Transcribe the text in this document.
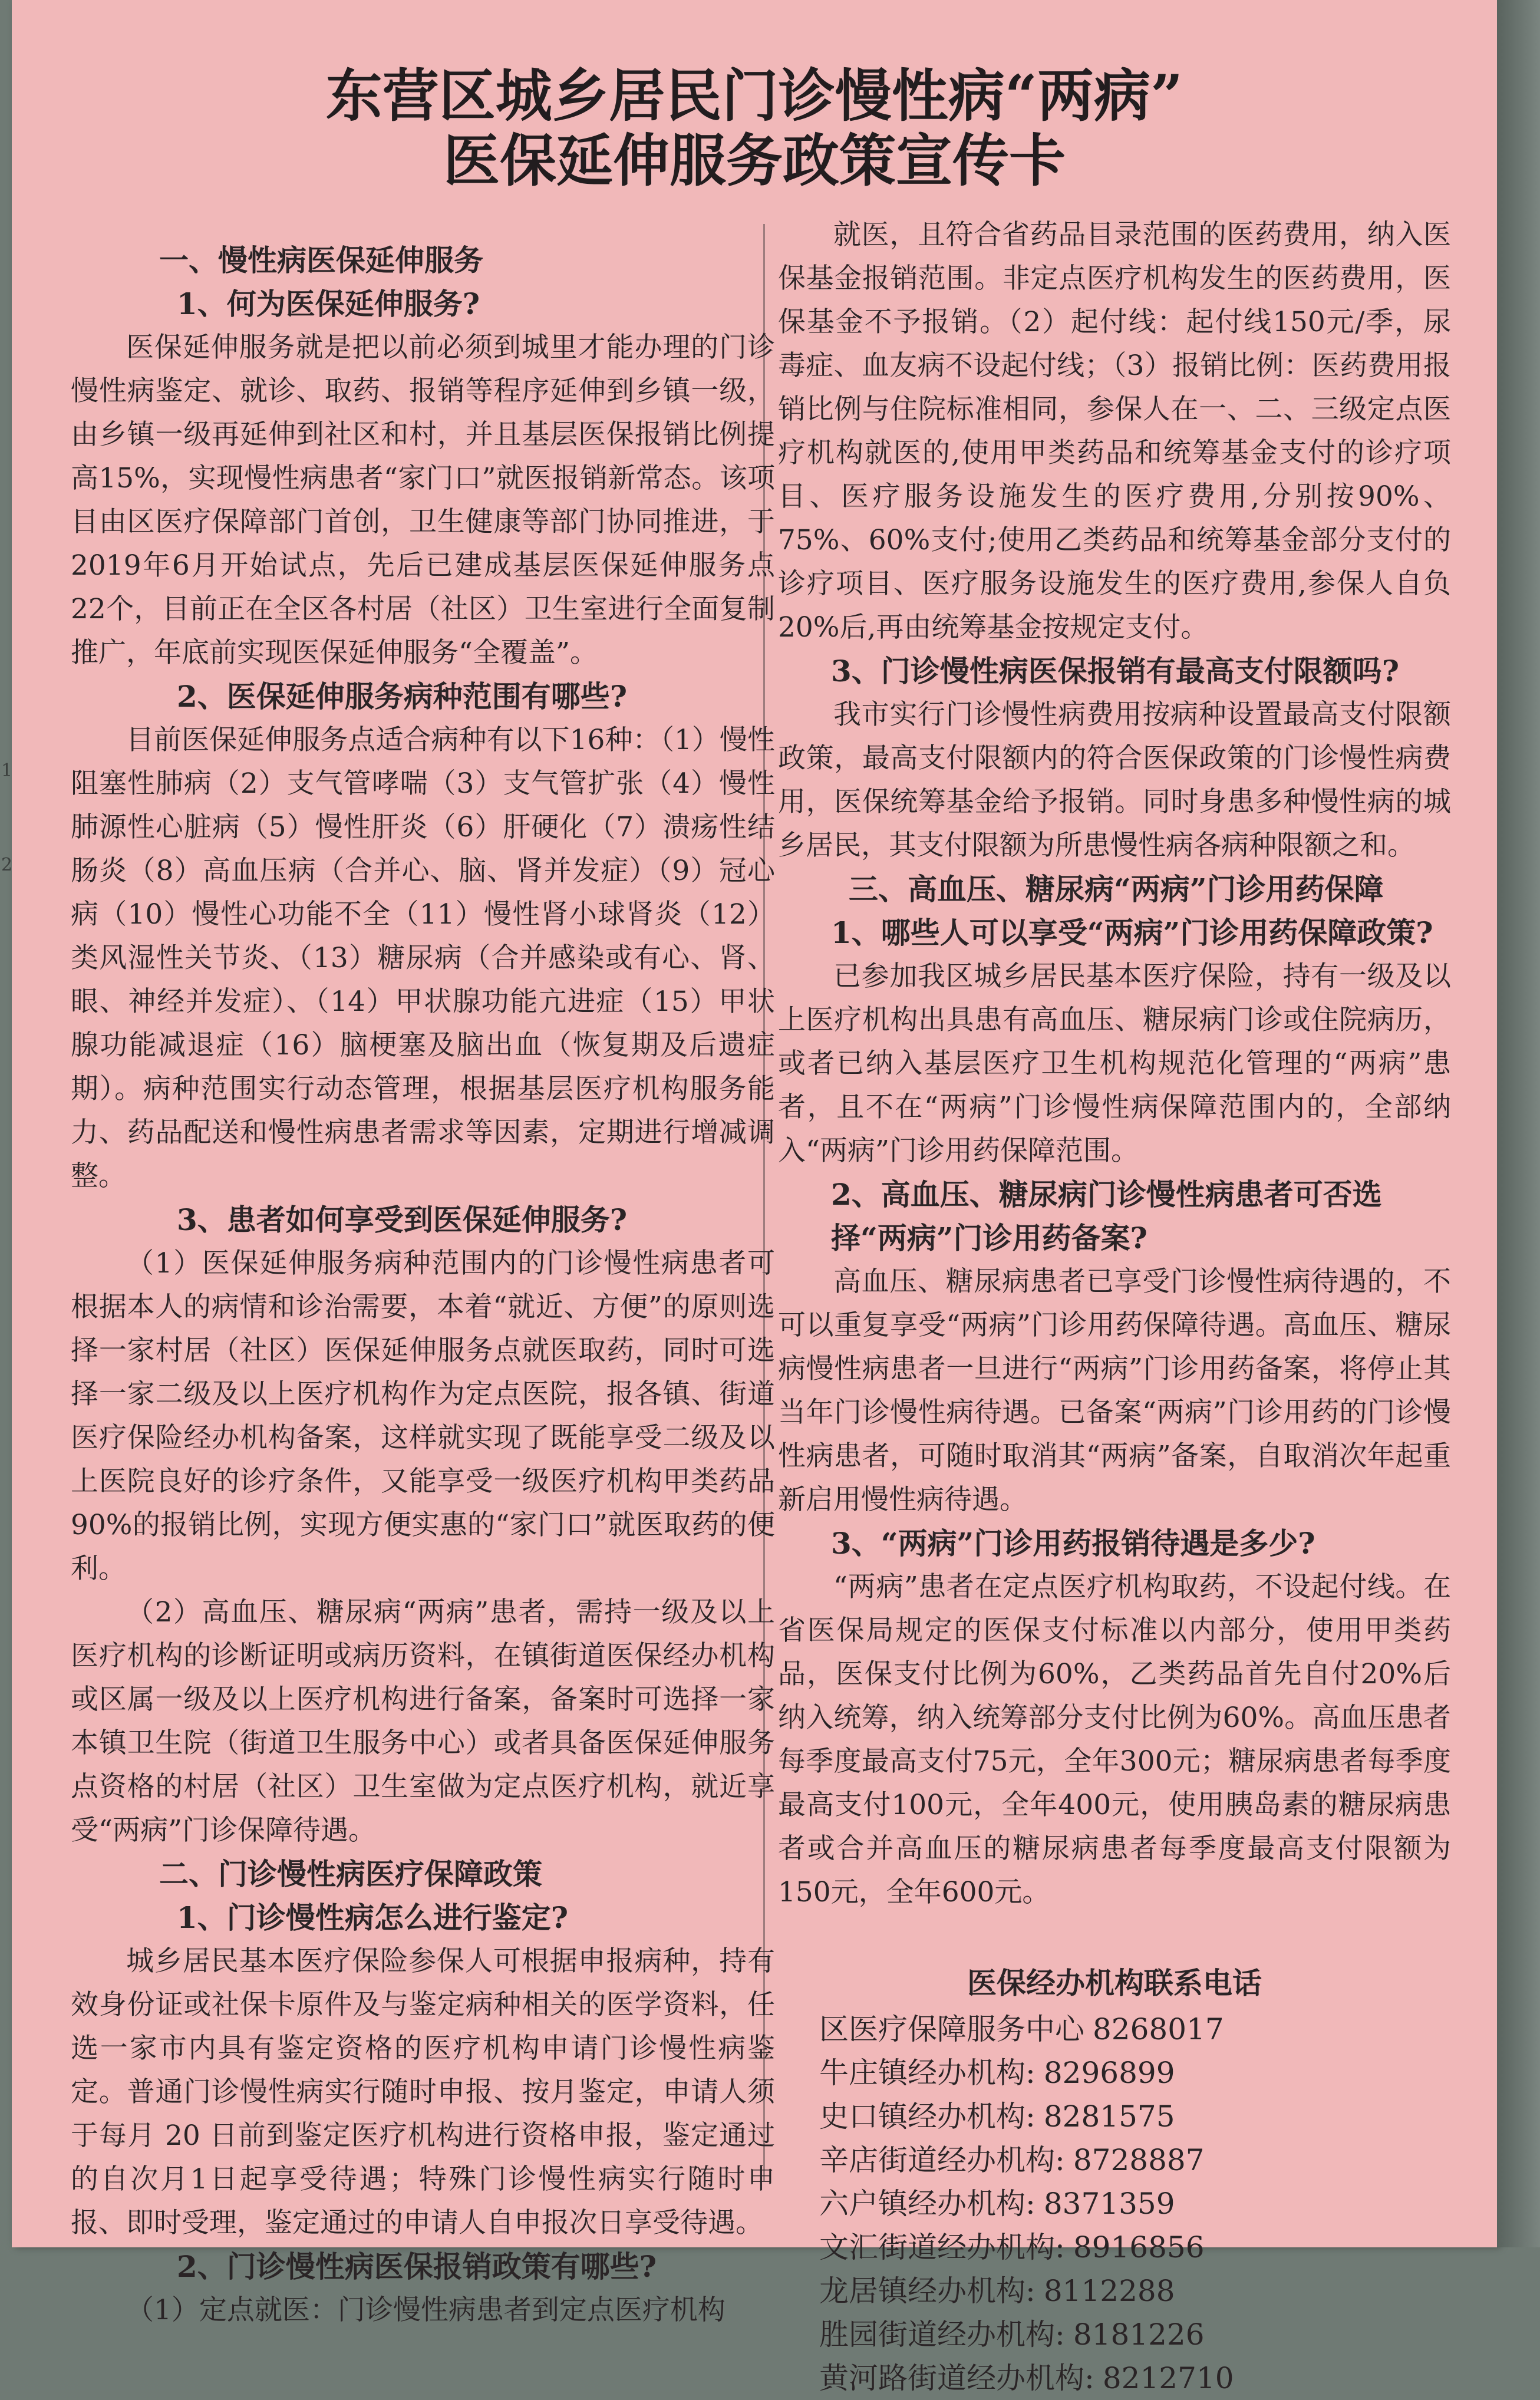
东营区城乡居民门诊慢性病“两病”
医保延伸服务政策宣传卡
一、慢性病医保延伸服务
1、何为医保延伸服务?

医保延伸服务就是把以前必须到城里才能办理的门诊慢性病鉴定、就诊、取药、报销等程序延伸到乡镇一级，由乡镇一级再延伸到社区和村，并且基层医保报销比例提高15%，实现慢性病患者“家门口”就医报销新常态。该项目由区医疗保障部门首创，卫生健康等部门协同推进，于2019年6月开始试点，先后已建成基层医保延伸服务点22个，目前正在全区各村居（社区）卫生室进行全面复制推广，年底前实现医保延伸服务“全覆盖”。

2、医保延伸服务病种范围有哪些?

目前医保延伸服务点适合病种有以下16种：（1）慢性阻塞性肺病（2）支气管哮喘（3）支气管扩张（4）慢性肺源性心脏病（5）慢性肝炎（6）肝硬化（7）溃疡性结肠炎（8）高血压病（合并心、脑、肾并发症）（9）冠心病（10）慢性心功能不全（11）慢性肾小球肾炎（12）类风湿性关节炎、（13）糖尿病（合并感染或有心、肾、眼、神经并发症）、（14）甲状腺功能亢进症（15）甲状腺功能减退症（16）脑梗塞及脑出血（恢复期及后遗症期）。病种范围实行动态管理，根据基层医疗机构服务能力、药品配送和慢性病患者需求等因素，定期进行增减调整。

3、患者如何享受到医保延伸服务?

（1）医保延伸服务病种范围内的门诊慢性病患者可根据本人的病情和诊治需要，本着“就近、方便”的原则选择一家村居（社区）医保延伸服务点就医取药，同时可选择一家二级及以上医疗机构作为定点医院，报各镇、街道医疗保险经办机构备案，这样就实现了既能享受二级及以上医院良好的诊疗条件，又能享受一级医疗机构甲类药品90%的报销比例，实现方便实惠的“家门口”就医取药的便利。

（2）高血压、糖尿病“两病”患者，需持一级及以上医疗机构的诊断证明或病历资料，在镇街道医保经办机构或区属一级及以上医疗机构进行备案，备案时可选择一家本镇卫生院（街道卫生服务中心）或者具备医保延伸服务点资格的村居（社区）卫生室做为定点医疗机构，就近享受“两病”门诊保障待遇。

二、门诊慢性病医疗保障政策
1、门诊慢性病怎么进行鉴定?

城乡居民基本医疗保险参保人可根据申报病种，持有效身份证或社保卡原件及与鉴定病种相关的医学资料，任选一家市内具有鉴定资格的医疗机构申请门诊慢性病鉴定。普通门诊慢性病实行随时申报、按月鉴定，申请人须于每月 20 日前到鉴定医疗机构进行资格申报，鉴定通过的自次月1日起享受待遇；特殊门诊慢性病实行随时申报、即时受理，鉴定通过的申请人自申报次日享受待遇。

2、门诊慢性病医保报销政策有哪些?

（1）定点就医：门诊慢性病患者到定点医疗机构

就医，且符合省药品目录范围的医药费用，纳入医保基金报销范围。非定点医疗机构发生的医药费用，医保基金不予报销。（2）起付线：起付线150元/季，尿毒症、血友病不设起付线；（3）报销比例：医药费用报销比例与住院标准相同，参保人在一、二、三级定点医疗机构就医的,使用甲类药品和统筹基金支付的诊疗项目、医疗服务设施发生的医疗费用,分别按90%、75%、60%支付;使用乙类药品和统筹基金部分支付的诊疗项目、医疗服务设施发生的医疗费用,参保人自负20%后,再由统筹基金按规定支付。

3、门诊慢性病医保报销有最高支付限额吗?

我市实行门诊慢性病费用按病种设置最高支付限额政策，最高支付限额内的符合医保政策的门诊慢性病费用，医保统筹基金给予报销。同时身患多种慢性病的城乡居民，其支付限额为所患慢性病各病种限额之和。

三、高血压、糖尿病“两病”门诊用药保障
1、哪些人可以享受“两病”门诊用药保障政策?

已参加我区城乡居民基本医疗保险，持有一级及以上医疗机构出具患有高血压、糖尿病门诊或住院病历，或者已纳入基层医疗卫生机构规范化管理的“两病”患者，且不在“两病”门诊慢性病保障范围内的，全部纳入“两病”门诊用药保障范围。

2、高血压、糖尿病门诊慢性病患者可否选择“两病”门诊用药备案?

高血压、糖尿病患者已享受门诊慢性病待遇的，不可以重复享受“两病”门诊用药保障待遇。高血压、糖尿病慢性病患者一旦进行“两病”门诊用药备案，将停止其当年门诊慢性病待遇。已备案“两病”门诊用药的门诊慢性病患者，可随时取消其“两病”备案，自取消次年起重新启用慢性病待遇。

3、“两病”门诊用药报销待遇是多少?

“两病”患者在定点医疗机构取药，不设起付线。在省医保局规定的医保支付标准以内部分，使用甲类药品，医保支付比例为60%，乙类药品首先自付20%后纳入统筹，纳入统筹部分支付比例为60%。高血压患者每季度最高支付75元，全年300元；糖尿病患者每季度最高支付100元，全年400元，使用胰岛素的糖尿病患者或合并高血压的糖尿病患者每季度最高支付限额为150元，全年600元。

医保经办机构联系电话
区医疗保障服务中心 8268017
牛庄镇经办机构: 8296899
史口镇经办机构: 8281575
辛店街道经办机构: 8728887
六户镇经办机构: 8371359
文汇街道经办机构: 8916856
龙居镇经办机构: 8112288
胜园街道经办机构: 8181226
黄河路街道经办机构: 8212710
1
2
